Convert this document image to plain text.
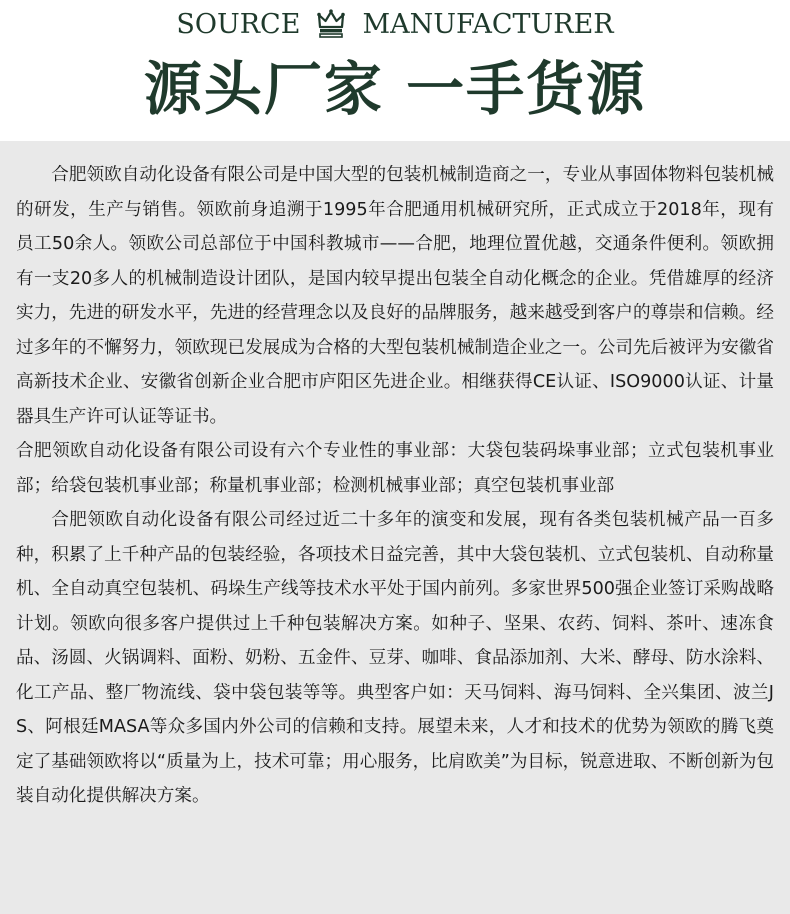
SOURCE MANUFACTURER
源头厂家 一手货源

合肥领欧自动化设备有限公司是中国大型的包装机械制造商之一，专业从事固体物料包装机械的研发，生产与销售。领欧前身追溯于1995年合肥通用机械研究所，正式成立于2018年，现有员工50余人。领欧公司总部位于中国科教城市——合肥，地理位置优越，交通条件便利。领欧拥有一支20多人的机械制造设计团队，是国内较早提出包装全自动化概念的企业。凭借雄厚的经济实力，先进的研发水平，先进的经营理念以及良好的品牌服务，越来越受到客户的尊崇和信赖。经过多年的不懈努力，领欧现已发展成为合格的大型包装机械制造企业之一。公司先后被评为安徽省高新技术企业、安徽省创新企业合肥市庐阳区先进企业。相继获得CE认证、ISO9000认证、计量器具生产许可认证等证书。

合肥领欧自动化设备有限公司设有六个专业性的事业部：大袋包装码垛事业部；立式包装机事业部；给袋包装机事业部；称量机事业部；检测机械事业部；真空包装机事业部

合肥领欧自动化设备有限公司经过近二十多年的演变和发展，现有各类包装机械产品一百多种，积累了上千种产品的包装经验，各项技术日益完善，其中大袋包装机、立式包装机、自动称量机、全自动真空包装机、码垛生产线等技术水平处于国内前列。多家世界500强企业签订采购战略计划。领欧向很多客户提供过上千种包装解决方案。如种子、坚果、农药、饲料、茶叶、速冻食品、汤圆、火锅调料、面粉、奶粉、五金件、豆芽、咖啡、食品添加剂、大米、酵母、防水涂料、化工产品、整厂物流线、袋中袋包装等等。典型客户如：天马饲料、海马饲料、全兴集团、波兰JS、阿根廷MASA等众多国内外公司的信赖和支持。展望未来，人才和技术的优势为领欧的腾飞奠定了基础领欧将以“质量为上，技术可靠；用心服务，比肩欧美”为目标，锐意进取、不断创新为包装自动化提供解决方案。
